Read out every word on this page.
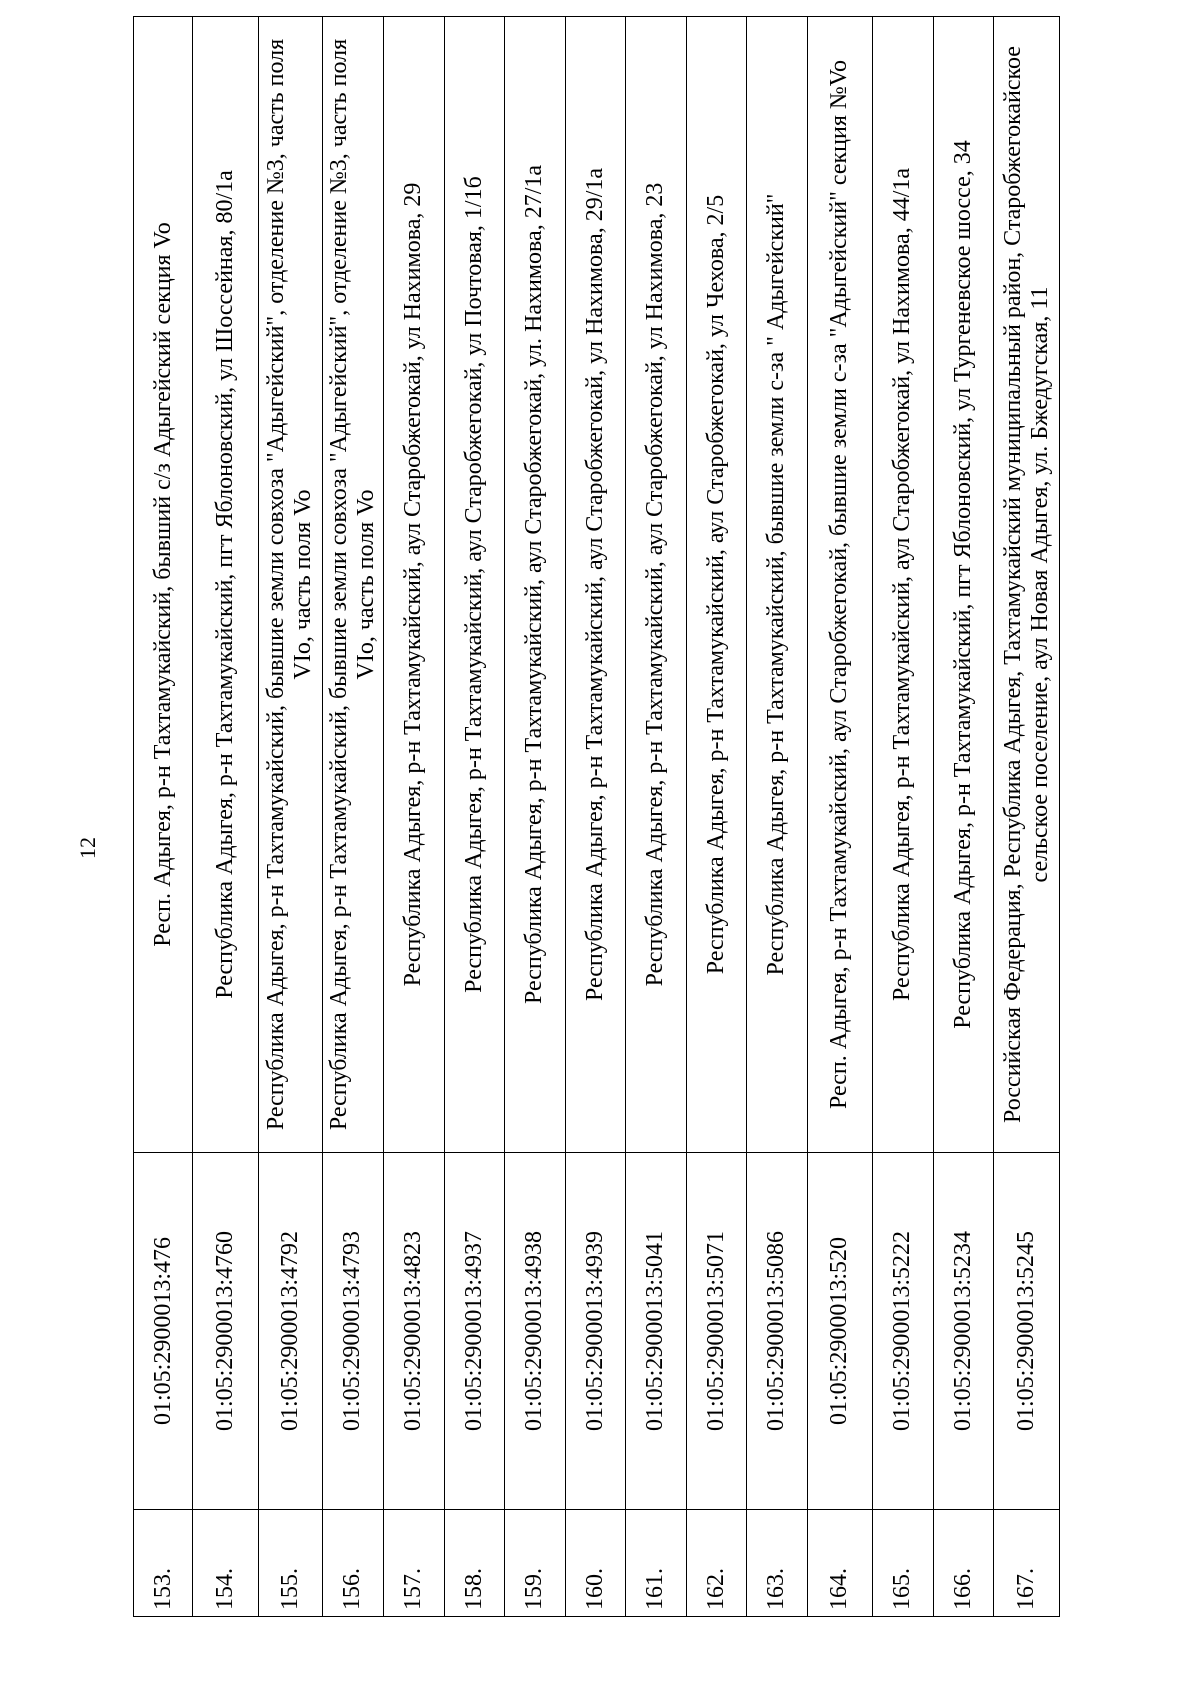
12
153.	01:05:2900013:476	Респ. Адыгея, р-н Тахтамукайский, бывший с/з Адыгейский секция Vo
154.	01:05:2900013:4760	Республика Адыгея, р-н Тахтамукайский, пгт Яблоновский, ул Шоссейная, 80/1а
155.	01:05:2900013:4792	Республика Адыгея, р-н Тахтамукайский, бывшие земли совхоза "Адыгейский", отделение №3, часть поля VIo, часть поля Vo
156.	01:05:2900013:4793	Республика Адыгея, р-н Тахтамукайский, бывшие земли совхоза "Адыгейский", отделение №3, часть поля VIo, часть поля Vo
157.	01:05:2900013:4823	Республика Адыгея, р-н Тахтамукайский, аул Старобжегокай, ул Нахимова, 29
158.	01:05:2900013:4937	Республика Адыгея, р-н Тахтамукайский, аул Старобжегокай, ул Почтовая, 1/1б
159.	01:05:2900013:4938	Республика Адыгея, р-н Тахтамукайский, аул Старобжегокай, ул. Нахимова, 27/1а
160.	01:05:2900013:4939	Республика Адыгея, р-н Тахтамукайский, аул Старобжегокай, ул Нахимова, 29/1а
161.	01:05:2900013:5041	Республика Адыгея, р-н Тахтамукайский, аул Старобжегокай, ул Нахимова, 23
162.	01:05:2900013:5071	Республика Адыгея, р-н Тахтамукайский, аул Старобжегокай, ул Чехова, 2/5
163.	01:05:2900013:5086	Республика Адыгея, р-н Тахтамукайский, бывшие земли с-за " Адыгейский"
164.	01:05:2900013:520	Респ. Адыгея, р-н Тахтамукайский, аул Старобжегокай, бывшие земли с-за "Адыгейский" секция №Vo
165.	01:05:2900013:5222	Республика Адыгея, р-н Тахтамукайский, аул Старобжегокай, ул Нахимова, 44/1а
166.	01:05:2900013:5234	Республика Адыгея, р-н Тахтамукайский, пгт Яблоновский, ул Тургеневское шоссе, 34
167.	01:05:2900013:5245	Российская Федерация, Республика Адыгея, Тахтамукайский муниципальный район, Старобжегокайское сельское поселение, аул Новая Адыгея, ул. Бжедугская, 11
